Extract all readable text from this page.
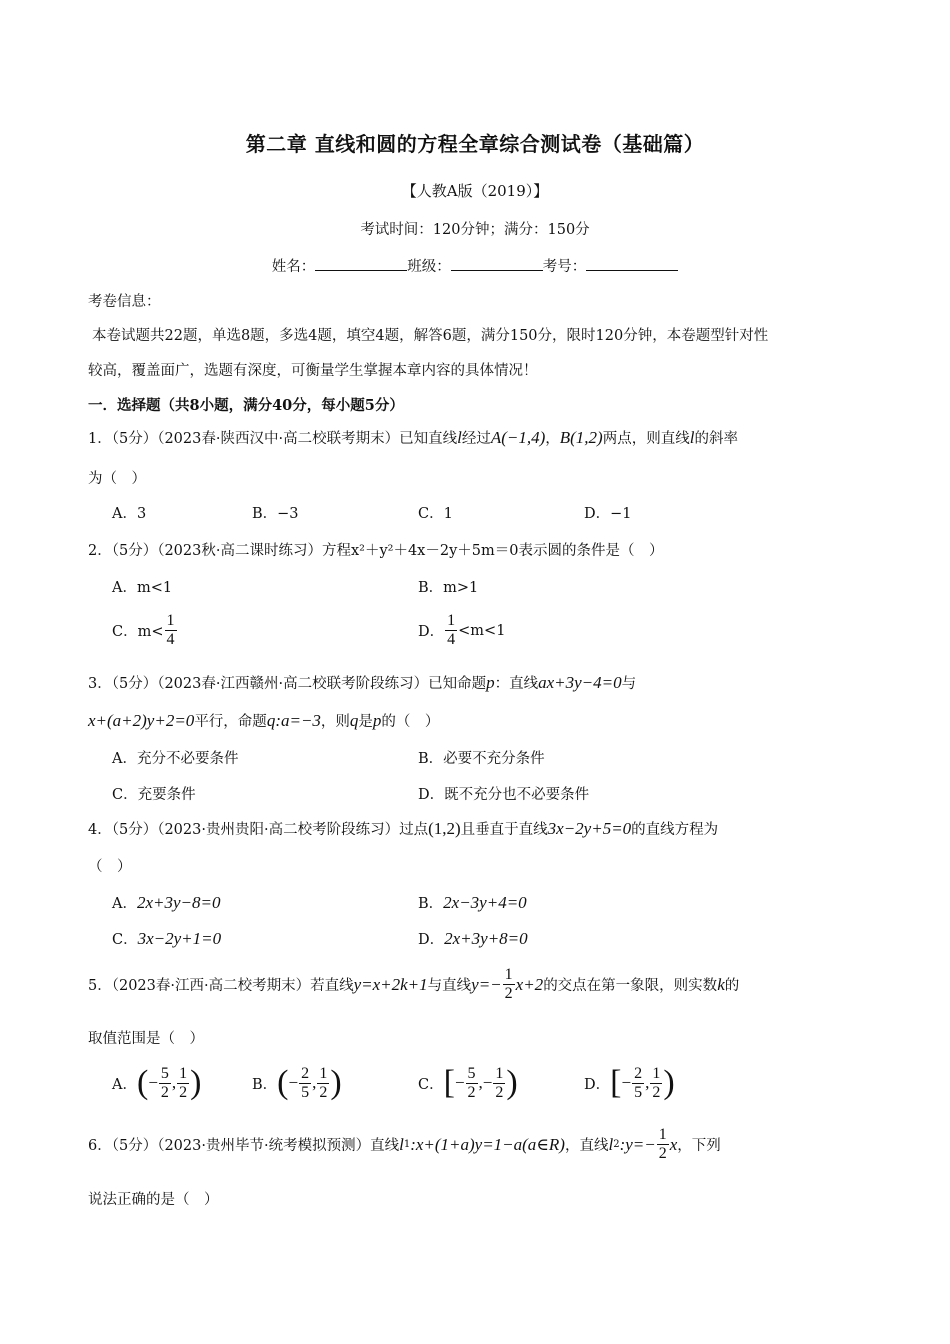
第二章 直线和圆的方程全章综合测试卷（基础篇）
【人教A版（2019）】
考试时间：120分钟；满分：150分
姓名：	班级：	考号：
考卷信息：
本卷试题共22题，单选8题，多选4题，填空4题，解答6题，满分150分，限时120分钟，本卷题型针对性
较高，覆盖面广，选题有深度，可衡量学生掌握本章内容的具体情况！
一．选择题（共8小题，满分40分，每小题5分）
1．（5分）（2023春·陕西汉中·高二校联考期末）已知直线l经过A(−1,4)，B(1,2)两点，则直线l的斜率
为（　）
A．3	B．−3	C．1	D．−1
2．（5分）（2023秋·高二课时练习）方程x²＋y²＋4x－2y＋5m＝0表示圆的条件是（　）
A．m<1	B．m>1
C．$m< \frac{1}{4}$	D． $\frac{1}{4} <m<1$
3．（5分）（2023春·江西赣州·高二校联考阶段练习）已知命题p：直线ax+3y−4=0与
x+(a+2)y+2=0平行，命题q:a=−3，则q是p的（　）
A．充分不必要条件	B．必要不充分条件
C．充要条件	D．既不充分也不必要条件
4．（5分）（2023·贵州贵阳·高二校考阶段练习）过点(1,2)且垂直于直线3x−2y+5=0的直线方程为
（　）
A．2x+3y−8=0	B．2x−3y+4=0
C．3x−2y+1=0	D．2x+3y+8=0
5．（2023春·江西·高二校考期末）若直线 y=x+2k+1 与直线 $y=- \frac{1}{2} x+2$ 的交点在第一象限，则实数 k 的
取值范围是（　）
A． ( − $\frac{5}{2}$ , $\frac{1}{2}$ )	B． ( − $\frac{2}{5}$ , $\frac{1}{2}$ )	C． [ − $\frac{5}{2}$ , − $\frac{1}{2}$ )	D． [ − $\frac{2}{5}$ , $\frac{1}{2}$ )
6．（5分）（2023·贵州毕节·统考模拟预测）直线 l 1 :x+(1+a)y=1−a(a∈R) ，直线 l 2 :y=− $\frac{1}{2}$ x ，下列
说法正确的是（　）
